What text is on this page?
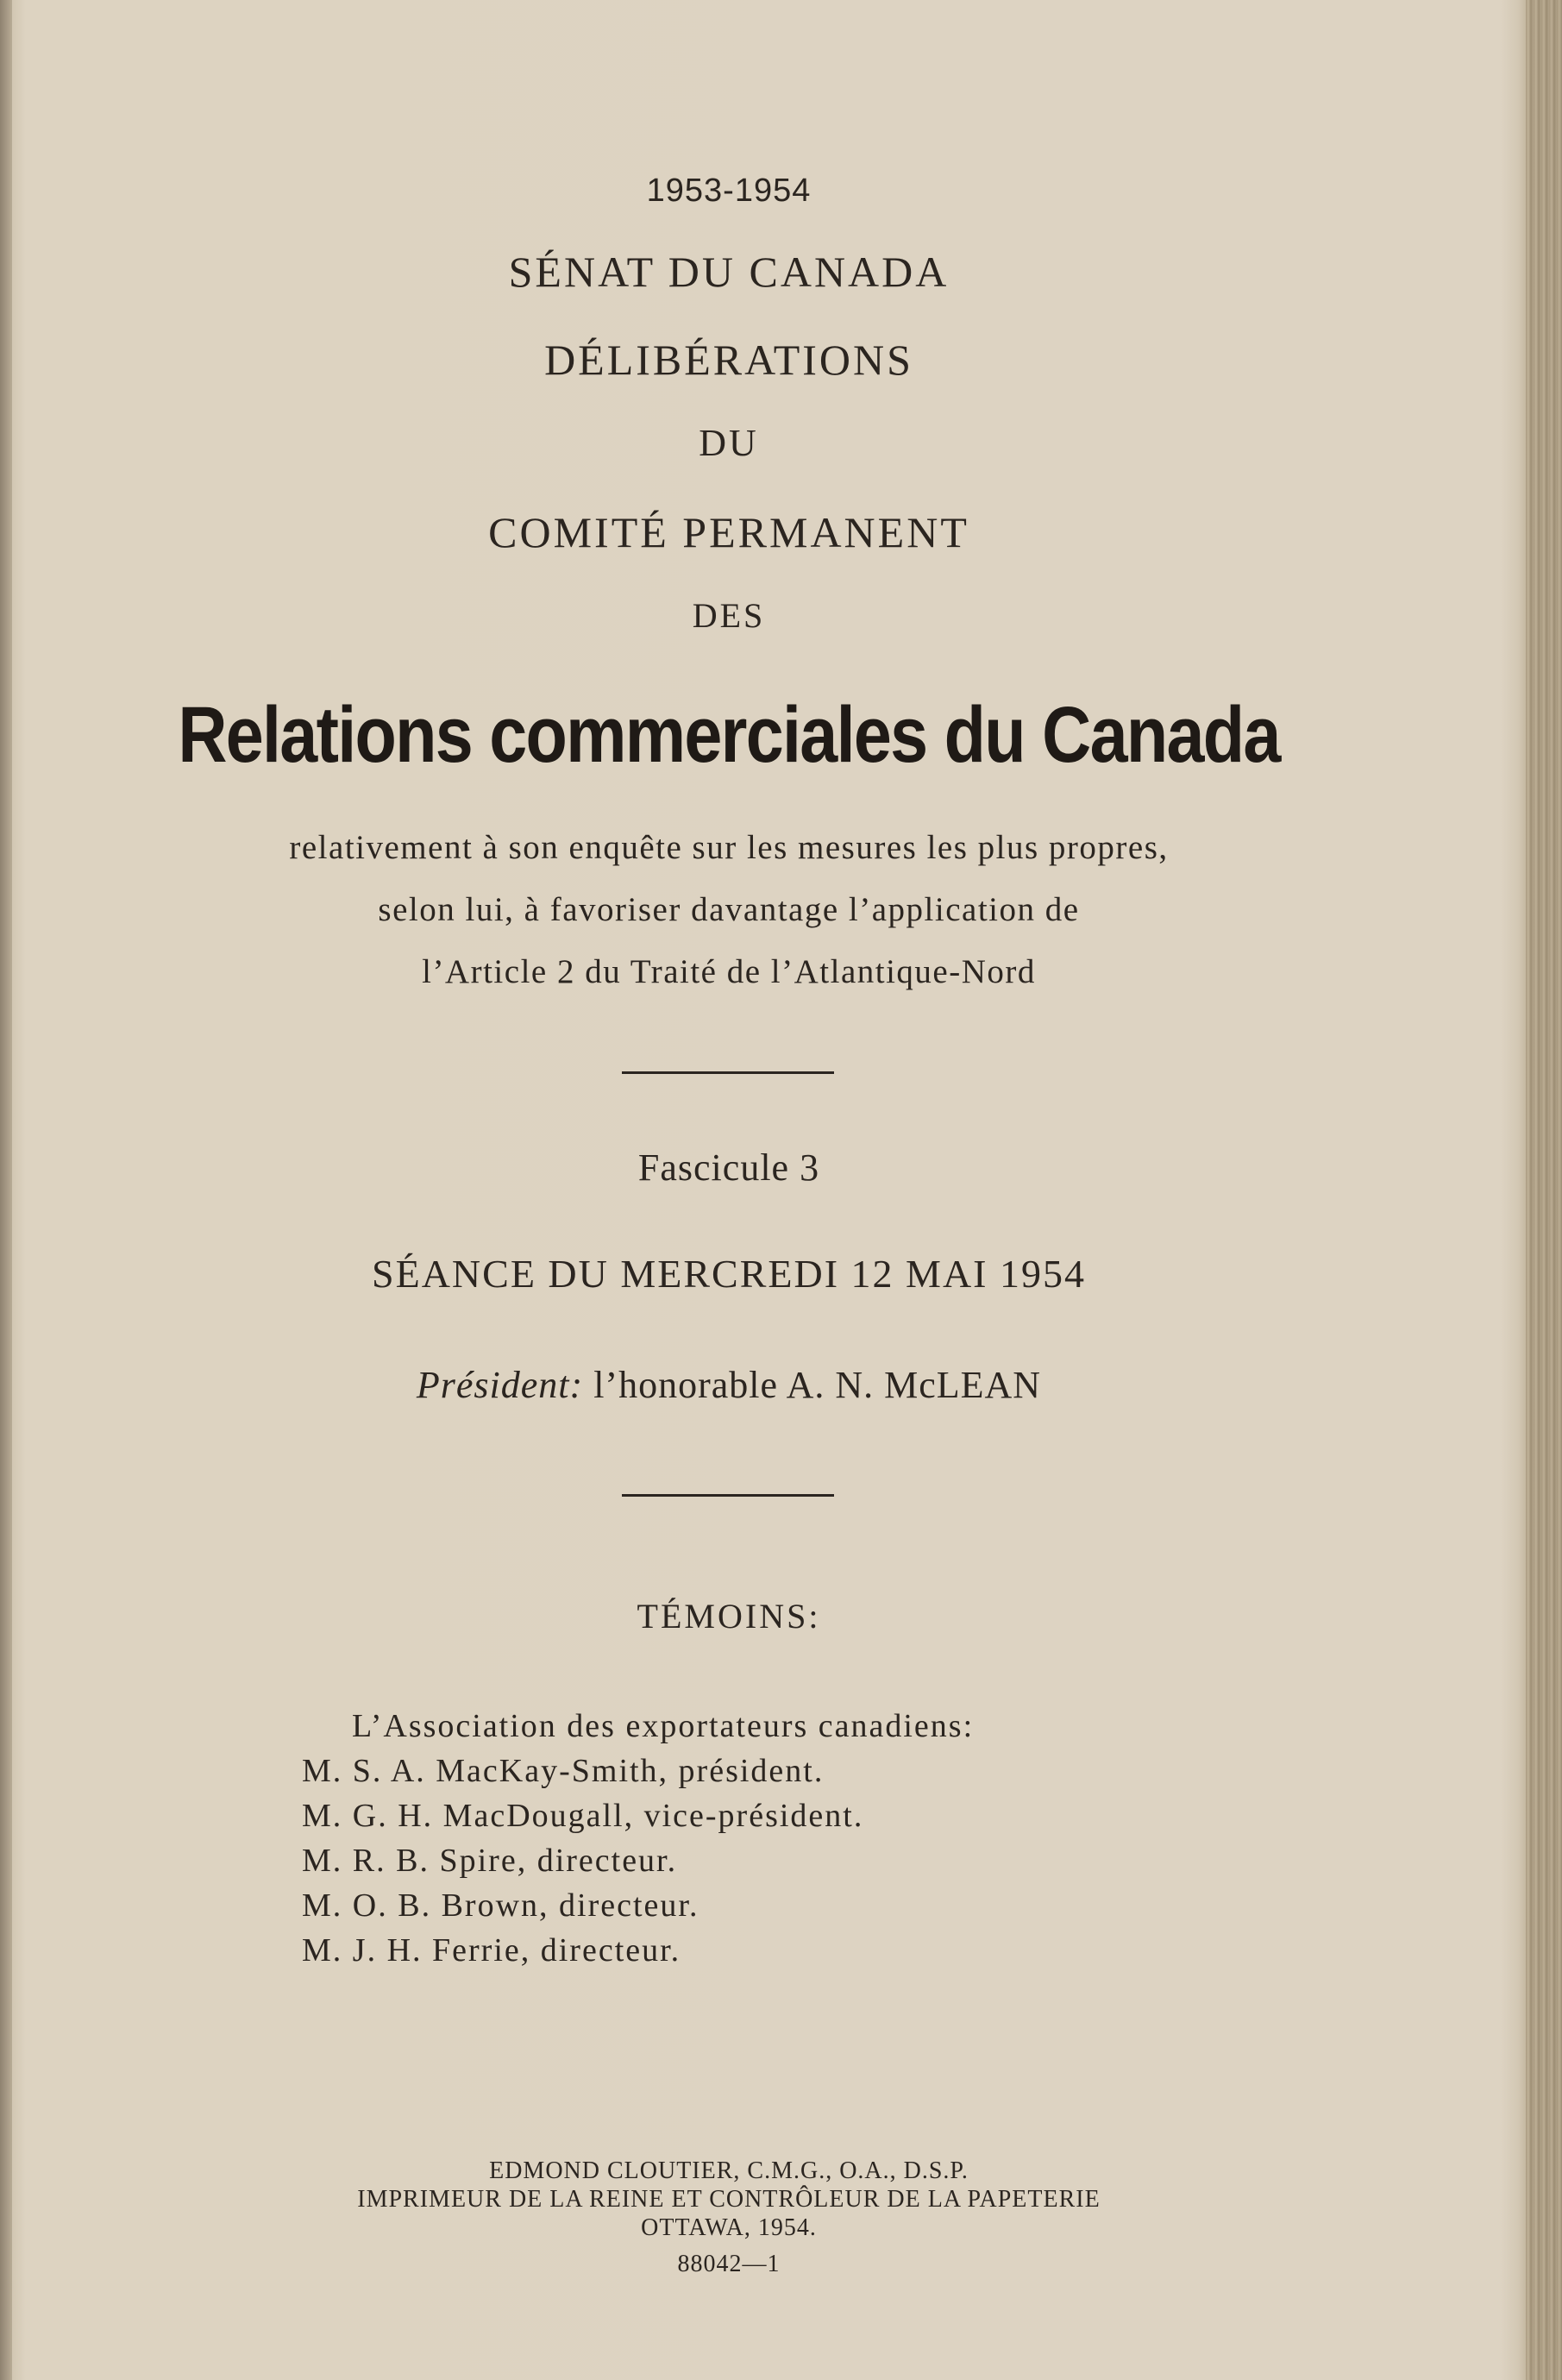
1953-1954
SÉNAT DU CANADA
DÉLIBÉRATIONS
DU
COMITÉ PERMANENT
DES
Relations commerciales du Canada
relativement à son enquête sur les mesures les plus propres,
selon lui, à favoriser davantage l’application de
l’Article 2 du Traité de l’Atlantique-Nord
Fascicule 3
SÉANCE DU MERCREDI 12 MAI 1954
Président: l’honorable A. N. McLEAN
TÉMOINS:
L’Association des exportateurs canadiens:
M. S. A. MacKay-Smith, président.
M. G. H. MacDougall, vice-président.
M. R. B. Spire, directeur.
M. O. B. Brown, directeur.
M. J. H. Ferrie, directeur.
EDMOND CLOUTIER, C.M.G., O.A., D.S.P.
IMPRIMEUR DE LA REINE ET CONTRÔLEUR DE LA PAPETERIE
OTTAWA, 1954.
88042—1
